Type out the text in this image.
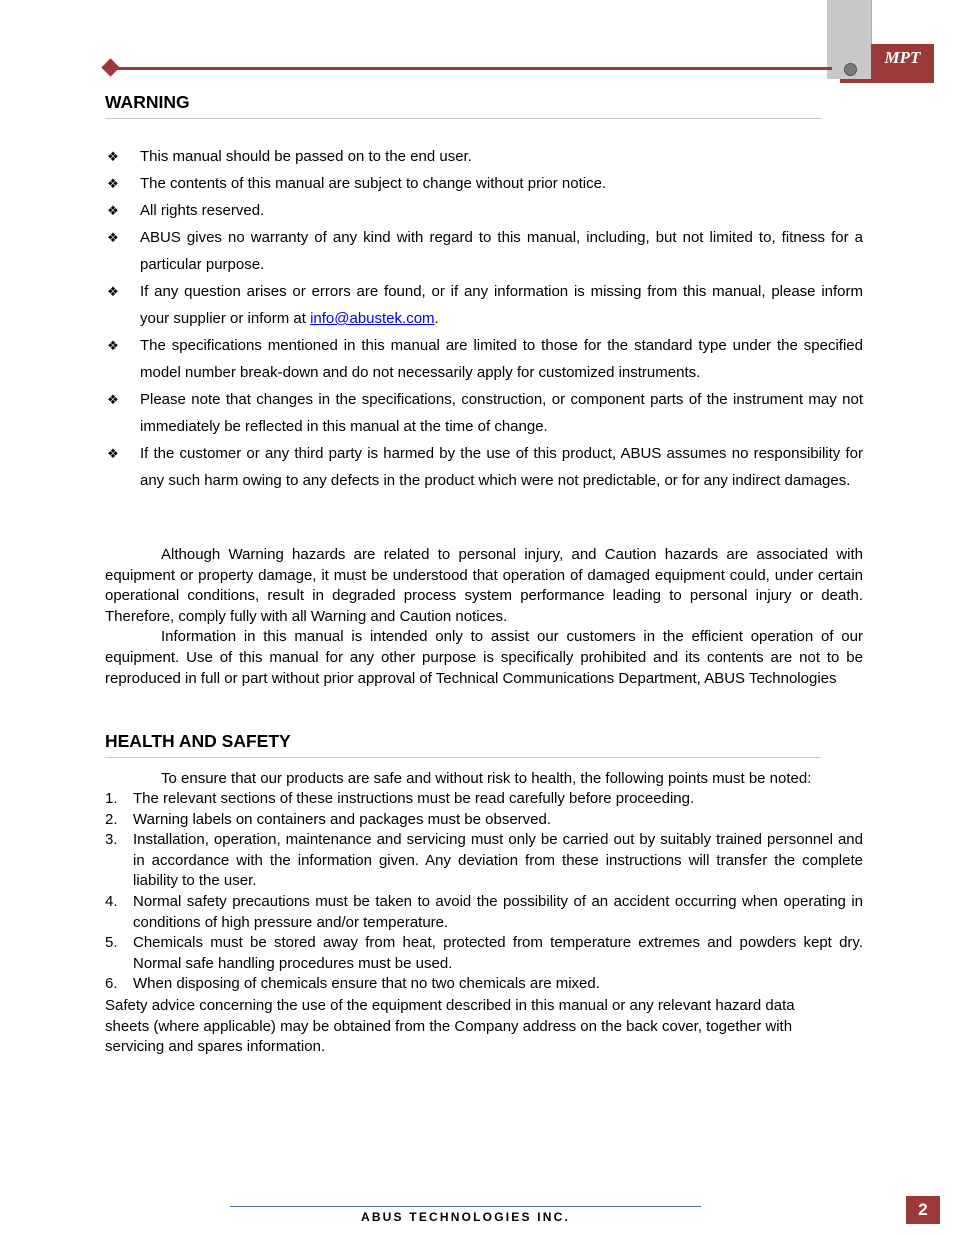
MPT
WARNING
❖ This manual should be passed on to the end user.
❖ The contents of this manual are subject to change without prior notice.
❖ All rights reserved.
❖ ABUS gives no warranty of any kind with regard to this manual, including, but not limited to, fitness for a particular purpose.
❖ If any question arises or errors are found, or if any information is missing from this manual, please inform your supplier or inform at info@abustek.com.
❖ The specifications mentioned in this manual are limited to those for the standard type under the specified model number break-down and do not necessarily apply for customized instruments.
❖ Please note that changes in the specifications, construction, or component parts of the instrument may not immediately be reflected in this manual at the time of change.
❖ If the customer or any third party is harmed by the use of this product, ABUS assumes no responsibility for any such harm owing to any defects in the product which were not predictable, or for any indirect damages.

Although Warning hazards are related to personal injury, and Caution hazards are associated with equipment or property damage, it must be understood that operation of damaged equipment could, under certain operational conditions, result in degraded process system performance leading to personal injury or death. Therefore, comply fully with all Warning and Caution notices.

Information in this manual is intended only to assist our customers in the efficient operation of our equipment. Use of this manual for any other purpose is specifically prohibited and its contents are not to be reproduced in full or part without prior approval of Technical Communications Department, ABUS Technologies

HEALTH AND SAFETY

To ensure that our products are safe and without risk to health, the following points must be noted:

1. The relevant sections of these instructions must be read carefully before proceeding.
2. Warning labels on containers and packages must be observed.
3. Installation, operation, maintenance and servicing must only be carried out by suitably trained personnel and in accordance with the information given. Any deviation from these instructions will transfer the complete liability to the user.
4. Normal safety precautions must be taken to avoid the possibility of an accident occurring when operating in conditions of high pressure and/or temperature.
5. Chemicals must be stored away from heat, protected from temperature extremes and powders kept dry. Normal safe handling procedures must be used.
6. When disposing of chemicals ensure that no two chemicals are mixed.

Safety advice concerning the use of the equipment described in this manual or any relevant hazard data sheets (where applicable) may be obtained from the Company address on the back cover, together with servicing and spares information.

ABUS TECHNOLOGIES INC.	2
